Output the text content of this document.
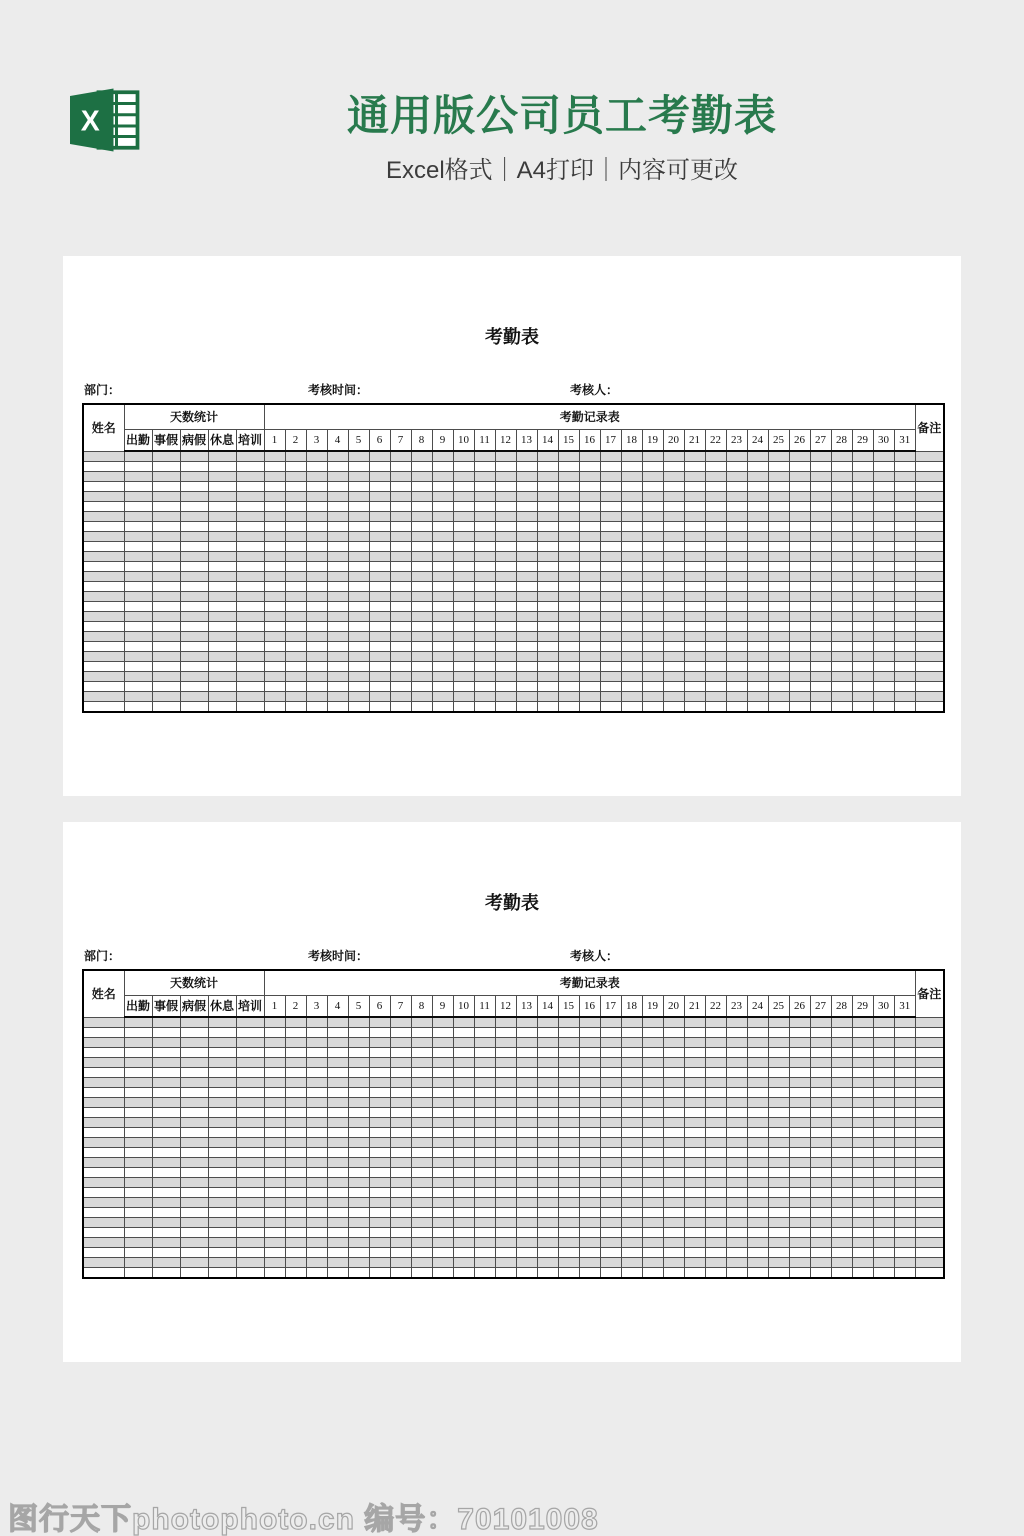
X	通用版公司员工考勤表
Excel格式｜A4打印｜内容可更改
考勤表
部门：	考核时间：	考核人：
姓名	天数统计					考勤记录表																															备注
	出勤	事假	病假	休息	培训	1	2	3	4	5	6	7	8	9	10	11	12	13	14	15	16	17	18	19	20	21	22	23	24	25	26	27	28	29	30	31	

考勤表
部门：	考核时间：	考核人：
姓名	天数统计					考勤记录表																															备注
	出勤	事假	病假	休息	培训	1	2	3	4	5	6	7	8	9	10	11	12	13	14	15	16	17	18	19	20	21	22	23	24	25	26	27	28	29	30	31	

图行天下photophoto.cn 编号：70101008
